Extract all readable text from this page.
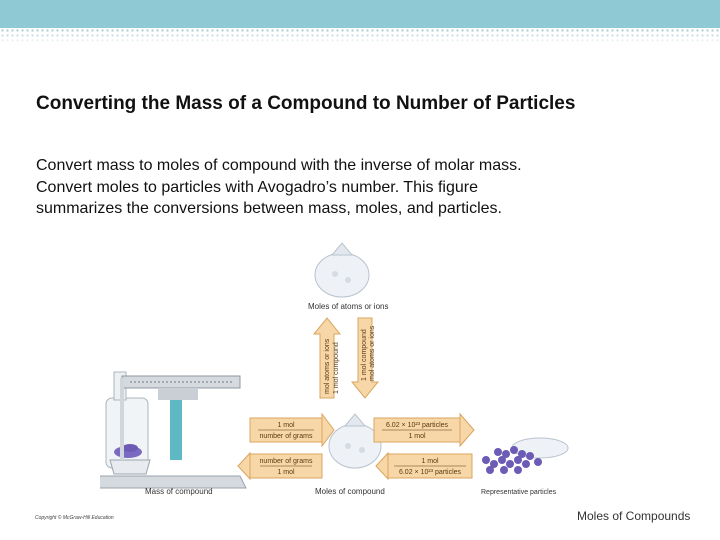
Converting the Mass of a Compound to Number of Particles

Convert mass to moles of compound with the inverse of molar mass.
Convert moles to particles with Avogadro’s number. This figure
summarizes the conversions between mass, moles, and particles.

Moles of atoms or ions
mol atoms or ions 1 mol compound	1 mol compound mol atoms or ions
1 mol
number of grams
number of grams
1 mol
6.02 × 10²³ particles
1 mol
1 mol
6.02 × 10²³ particles
Mass of compound	Moles of compound	Representative particles
Copyright © McGraw-Hill Education	Moles of Compounds
